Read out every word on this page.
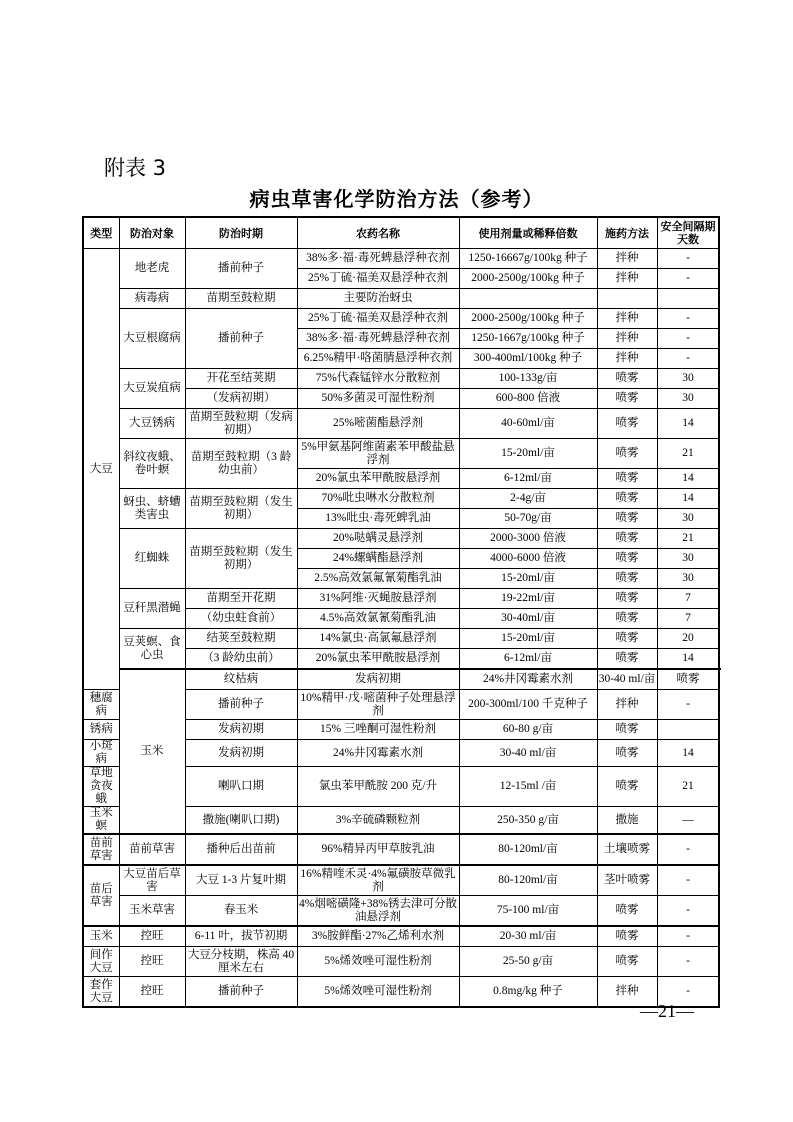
附表 3
病虫草害化学防治方法（参考）
类型	防治对象	防治时期	农药名称	使用剂量或稀释倍数	施药方法	安全间隔期天数	
大豆	地老虎	播前种子	38%多·福·毒死蜱悬浮种衣剂	1250-16667g/100kg 种子	拌种	-	
			25%丁硫·福美双悬浮种衣剂	2000-2500g/100kg 种子	拌种	-	
	病毒病	苗期至鼓粒期	主要防治蚜虫				
	大豆根腐病	播前种子	25%丁硫·福美双悬浮种衣剂	2000-2500g/100kg 种子	拌种	-	
			38%多·福·毒死蜱悬浮种衣剂	1250-1667g/100kg 种子	拌种	-	
			6.25%精甲·咯菌腈悬浮种衣剂	300-400ml/100kg 种子	拌种	-	
	大豆炭疽病	开花至结荚期	75%代森锰锌水分散粒剂	100-133g/亩	喷雾	30	
		（发病初期）	50%多菌灵可湿性粉剂	600-800 倍液	喷雾	30	
	大豆锈病	苗期至鼓粒期（发病初期）	25%嘧菌酯悬浮剂	40-60ml/亩	喷雾	14	
	斜纹夜蛾、卷叶螟	苗期至鼓粒期（3 龄幼虫前）	5%甲氨基阿维菌素苯甲酸盐悬浮剂	15-20ml/亩	喷雾	21	
			20%氯虫苯甲酰胺悬浮剂	6-12ml/亩	喷雾	14	
	蚜虫、蛴螬类害虫	苗期至鼓粒期（发生初期）	70%吡虫啉水分散粒剂	2-4g/亩	喷雾	14	
			13%吡虫·毒死蜱乳油	50-70g/亩	喷雾	30	
	红蜘蛛	苗期至鼓粒期（发生初期）	20%哒螨灵悬浮剂	2000-3000 倍液	喷雾	21	
			24%螺螨酯悬浮剂	4000-6000 倍液	喷雾	30	
			2.5%高效氯氟氰菊酯乳油	15-20ml/亩	喷雾	30	
	豆秆黑潜蝇	苗期至开花期	31%阿维·灭蝇胺悬浮剂	19-22ml/亩	喷雾	7	
		（幼虫蛀食前）	4.5%高效氯氰菊酯乳油	30-40ml/亩	喷雾	7	
	豆荚螟、食心虫	结荚至鼓粒期	14%氯虫·高氯氟悬浮剂	15-20ml/亩	喷雾	20	
		（3 龄幼虫前）	20%氯虫苯甲酰胺悬浮剂	6-12ml/亩	喷雾	14	
	玉米	纹枯病	发病初期	24%井冈霉素水剂	30-40 ml/亩	喷雾	
穗腐病		播前种子	10%精甲·戊·嘧菌种子处理悬浮剂	200-300ml/100 千克种子	拌种	-	
锈病		发病初期	15% 三唑酮可湿性粉剂	60-80 g/亩	喷雾		
小斑病		发病初期	24%井冈霉素水剂	30-40 ml/亩	喷雾	14	
草地贪夜蛾		喇叭口期	氯虫苯甲酰胺 200 克/升	12-15ml /亩	喷雾	21	
玉米螟		撒施(喇叭口期)	3%辛硫磷颗粒剂	250-350 g/亩	撒施	—	
苗前草害	苗前草害	播种后出苗前	96%精异丙甲草胺乳油	80-120ml/亩	土壤喷雾	-	
苗后草害	大豆苗后草害	大豆 1-3 片复叶期	16%精喹禾灵·4%氟磺胺草微乳剂	80-120ml/亩	茎叶喷雾	-	
	玉米草害	春玉米	4%烟嘧磺隆+38%锈去津可分散油悬浮剂	75-100 ml/亩	喷雾	-	
玉米	控旺	6-11 叶，拔节初期	3%胺鲜酯·27%乙烯利水剂	20-30 ml/亩	喷雾	-	
间作大豆	控旺	大豆分枝期，株高 40 厘米左右	5%烯效唑可湿性粉剂	25-50 g/亩	喷雾	-	
套作大豆	控旺	播前种子	5%烯效唑可湿性粉剂	0.8mg/kg 种子	拌种	-	
—21—
